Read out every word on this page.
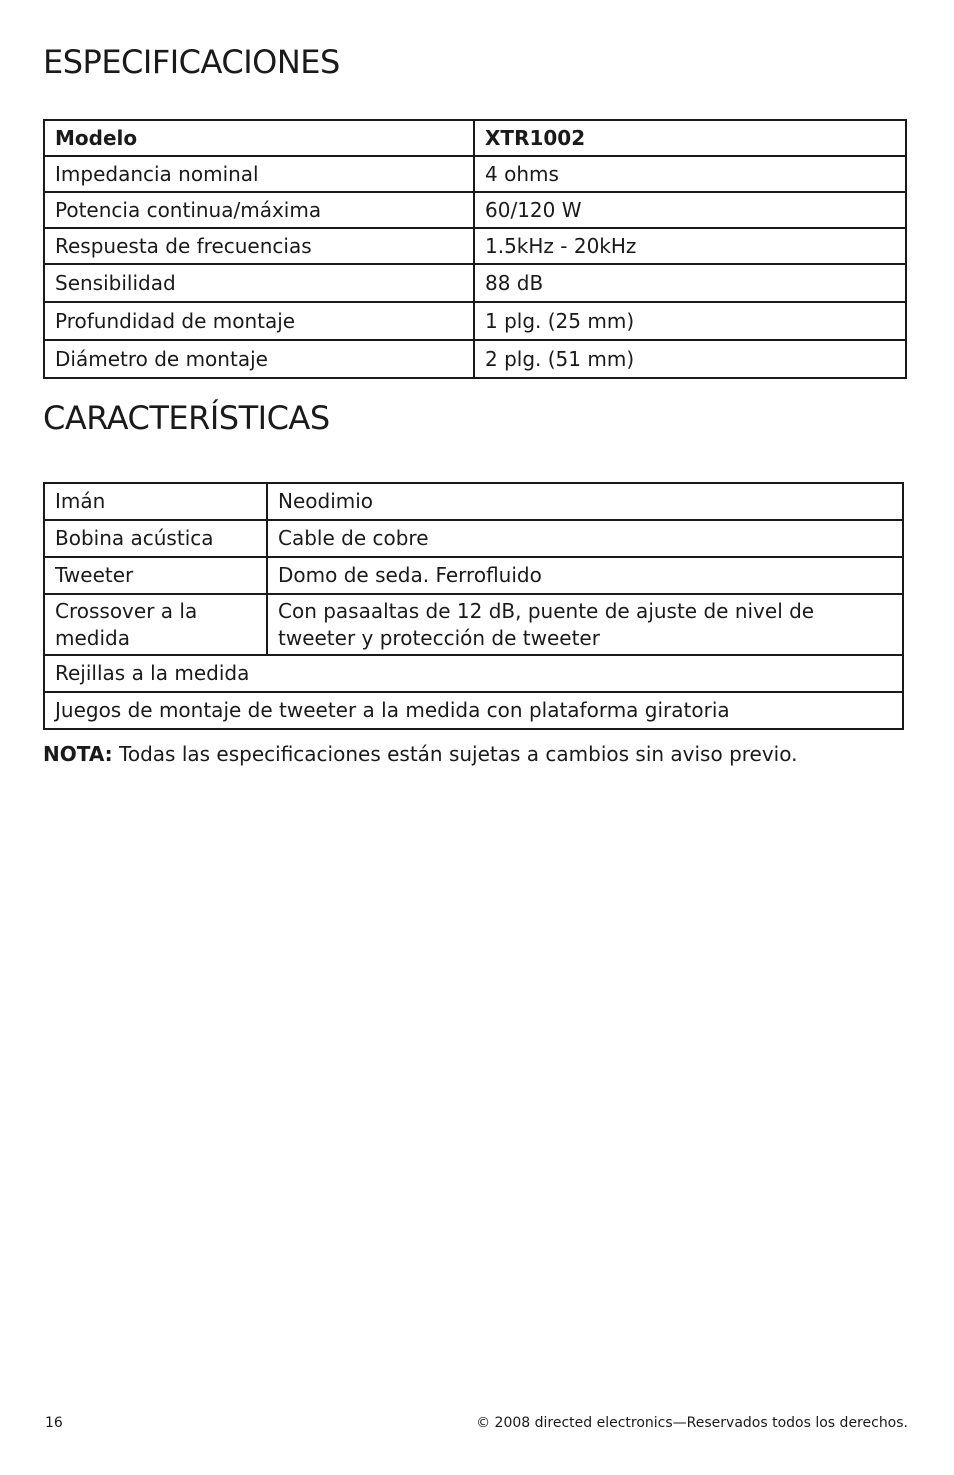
ESPECIFICACIONES
Modelo	XTR1002
Impedancia nominal	4 ohms
Potencia continua/máxima	60/120 W
Respuesta de frecuencias	1.5kHz - 20kHz
Sensibilidad	88 dB
Profundidad de montaje	1 plg. (25 mm)
Diámetro de montaje	2 plg. (51 mm)
CARACTERÍSTICAS
Imán	Neodimio
Bobina acústica	Cable de cobre
Tweeter	Domo de seda. Ferrofluido
Crossover a la medida	Con pasaaltas de 12 dB, puente de ajuste de nivel de tweeter y protección de tweeter
Rejillas a la medida	
Juegos de montaje de tweeter a la medida con plataforma giratoria	

NOTA: Todas las especificaciones están sujetas a cambios sin aviso previo.

16	© 2008 directed electronics—Reservados todos los derechos.
